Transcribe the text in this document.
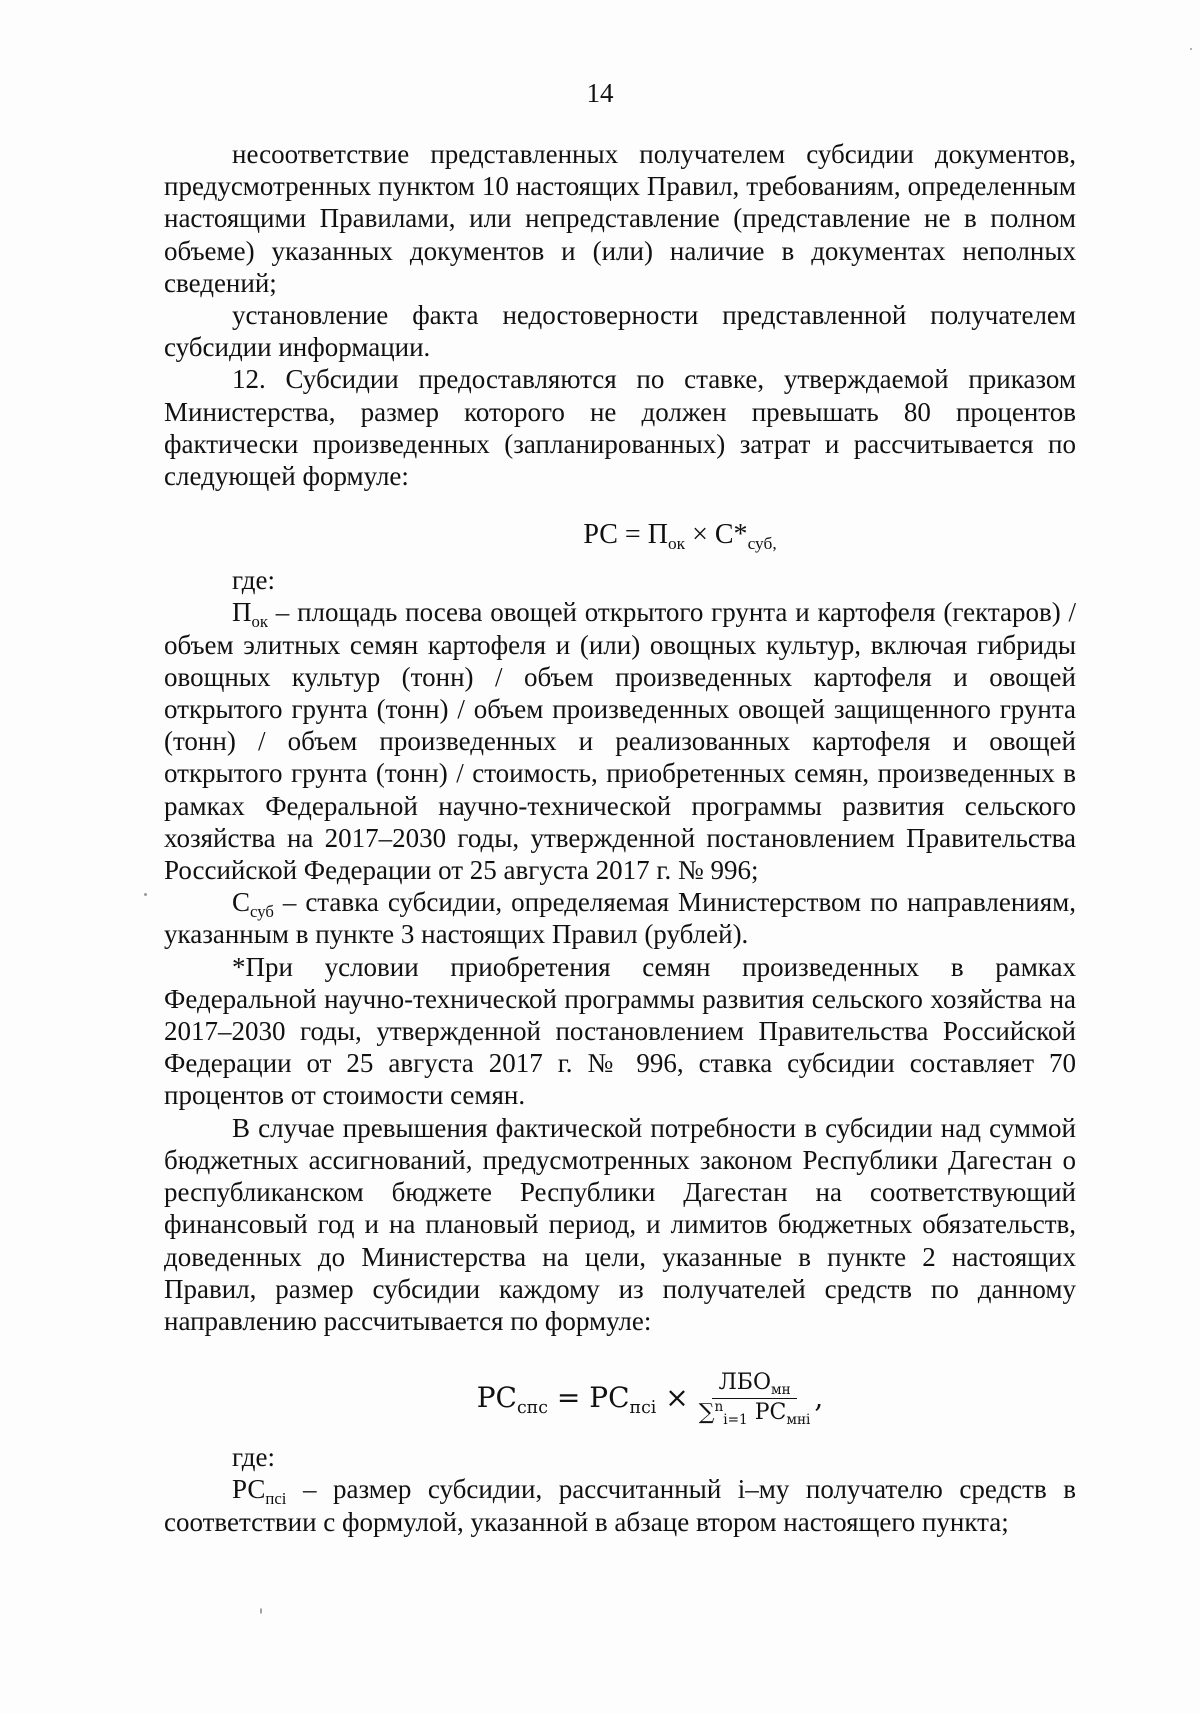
14

несоответствие представленных получателем субсидии документов, предусмотренных пунктом 10 настоящих Правил, требованиям, определенным настоящими Правилами, или непредставление (представление не в полном объеме) указанных документов и (или) наличие в документах неполных сведений;

установление факта недостоверности представленной получателем субсидии информации.

12. Субсидии предоставляются по ставке, утверждаемой приказом Министерства, размер которого не должен превышать 80 процентов фактически произведенных (запланированных) затрат и рассчитывается по следующей формуле:

РС = $П_{ок} \times С*_{суб,}$

где:

$П_{ок}$ – площадь посева овощей открытого грунта и картофеля (гектаров) / объем элитных семян картофеля и (или) овощных культур, включая гибриды овощных культур (тонн) / объем произведенных картофеля и овощей открытого грунта (тонн) / объем произведенных овощей защищенного грунта (тонн) / объем произведенных и реализованных картофеля и овощей открытого грунта (тонн) / стоимость, приобретенных семян, произведенных в рамках Федеральной научно-технической программы развития сельского хозяйства на 2017–2030 годы, утвержденной постановлением Правительства Российской Федерации от 25 августа 2017 г. № 996;

$С_{суб}$ – ставка субсидии, определяемая Министерством по направлениям, указанным в пункте 3 настоящих Правил (рублей).

*При условии приобретения семян произведенных в рамках Федеральной научно-технической программы развития сельского хозяйства на 2017–2030 годы, утвержденной постановлением Правительства Российской Федерации от 25 августа 2017 г. № 996, ставка субсидии составляет 70 процентов от стоимости семян.

В случае превышения фактической потребности в субсидии над суммой бюджетных ассигнований, предусмотренных законом Республики Дагестан о республиканском бюджете Республики Дагестан на соответствующий финансовый год и на плановый период, и лимитов бюджетных обязательств, доведенных до Министерства на цели, указанные в пункте 2 настоящих Правил, размер субсидии каждому из получателей средств по данному направлению рассчитывается по формуле:

$РС_{спс}$
=
$РС_{псi}$
× $\frac{ЛБО_{мн}}{\sum^n_{i=1} РС_{мнi}}$ ,

где:

$РС_{псi}$ – размер субсидии, рассчитанный i–му получателю средств в соответствии с формулой, указанной в абзаце втором настоящего пункта;
